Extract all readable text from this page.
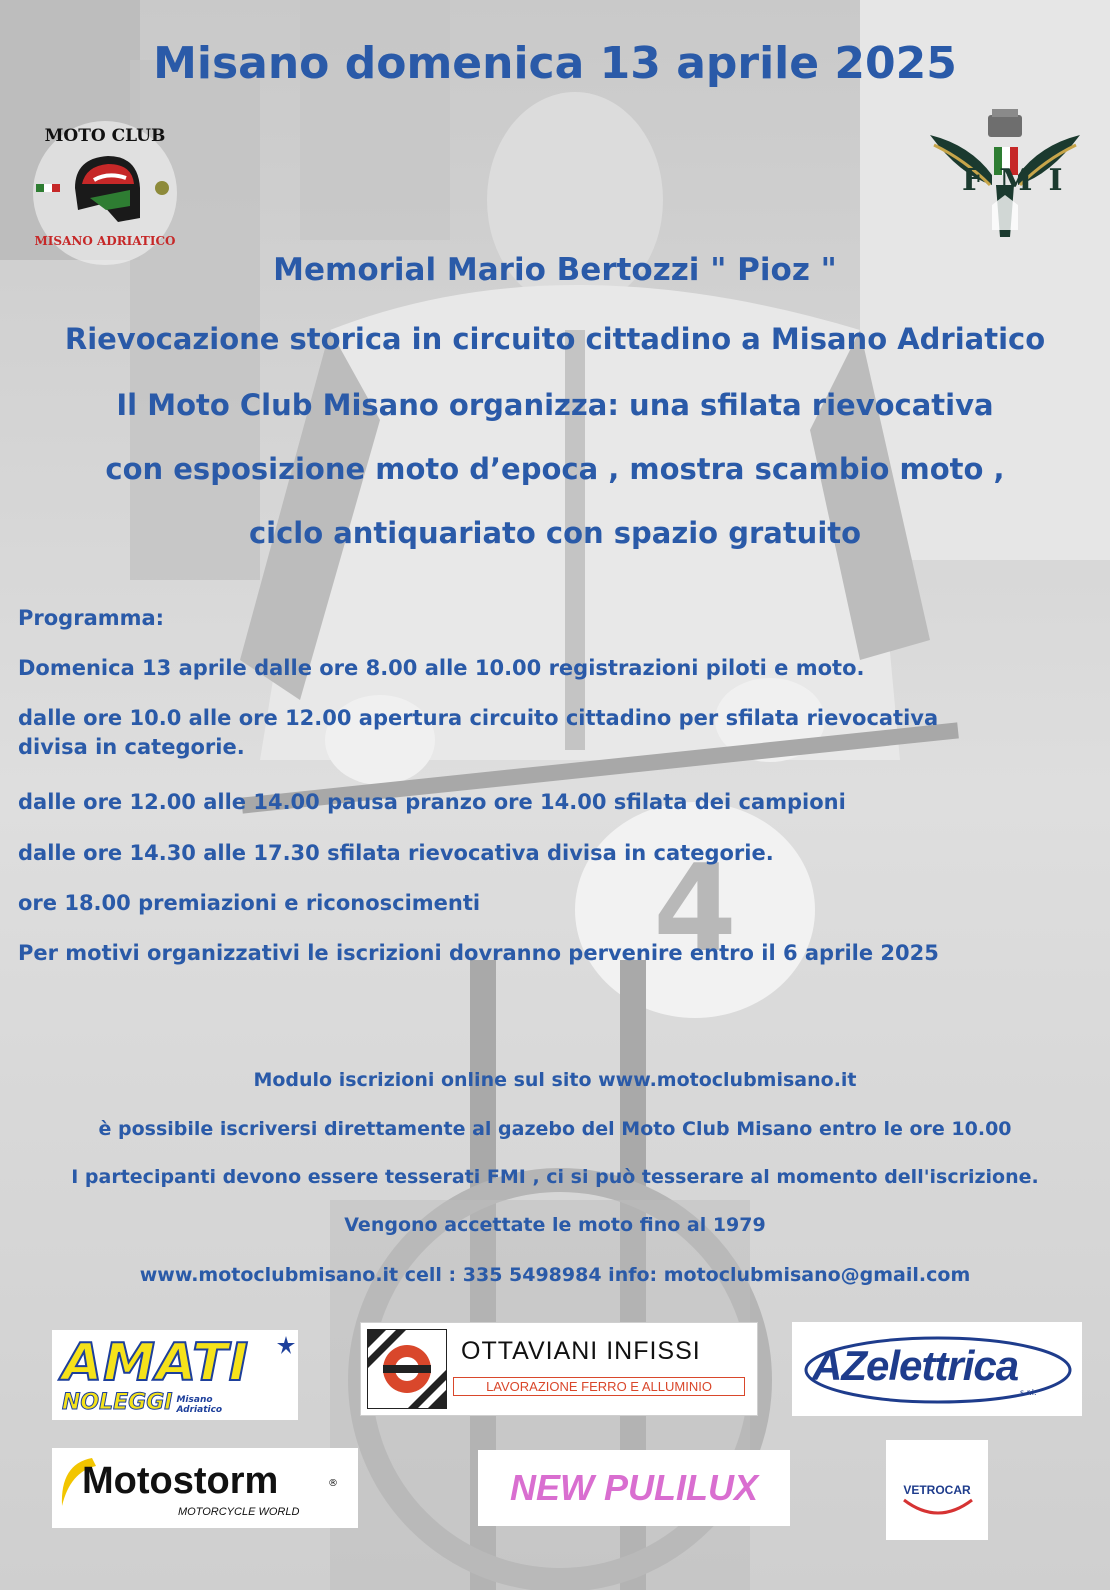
4
Misano domenica 13 aprile 2025
MOTO CLUB
MISANO ADRIATICO
FMI
Memorial Mario Bertozzi " Pioz "
Rievocazione storica in circuito cittadino a Misano Adriatico
Il Moto Club Misano organizza: una sfilata rievocativa
con esposizione moto d’epoca , mostra scambio moto ,
ciclo antiquariato con spazio gratuito
Programma:
Domenica 13 aprile dalle ore 8.00 alle 10.00 registrazioni piloti e moto.
dalle ore 10.0 alle ore 12.00 apertura circuito cittadino per sfilata rievocativa
divisa in categorie.
dalle ore 12.00 alle 14.00 pausa pranzo ore 14.00 sfilata dei campioni
dalle ore 14.30 alle 17.30 sfilata rievocativa divisa in categorie.
ore 18.00 premiazioni e riconoscimenti
Per motivi organizzativi le iscrizioni dovranno pervenire entro il 6 aprile 2025
Modulo iscrizioni online sul sito www.motoclubmisano.it
è possibile iscriversi direttamente al gazebo del Moto Club Misano entro le ore 10.00
I partecipanti devono essere tesserati FMI , ci si può tesserare al momento dell'iscrizione.
Vengono accettate le moto fino al 1979
www.motoclubmisano.it cell : 335 5498984 info: motoclubmisano@gmail.com
AMATI
NOLEGGI Misano
Adriatico
OTTAVIANI INFISSI
LAVORAZIONE FERRO E ALLUMINIO	AZelettrica
s.r.l.
Motostorm	®
MOTORCYCLE WORLD
NEW PULILUX	VETROCAR
